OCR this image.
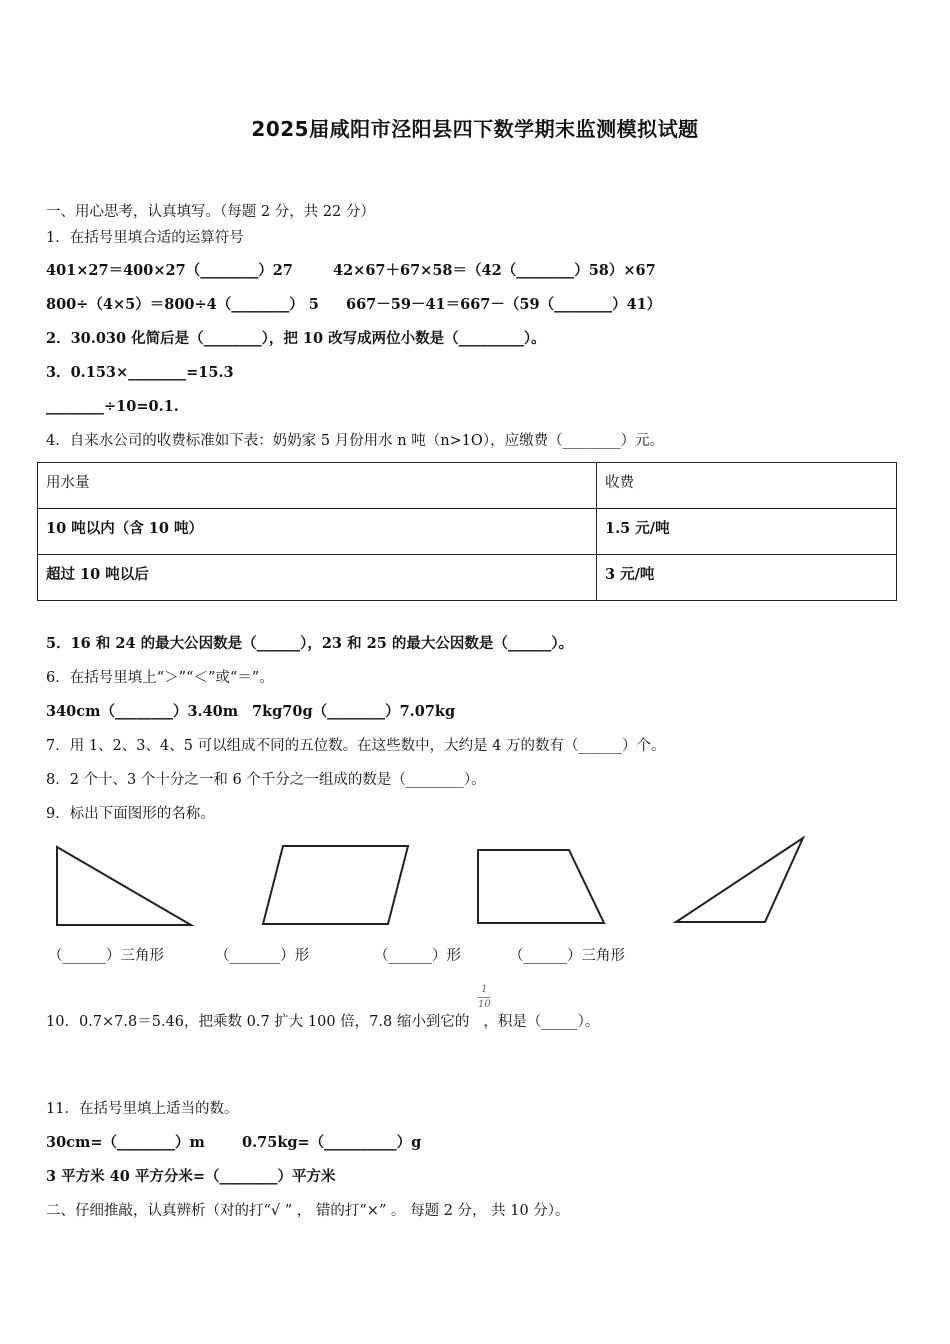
2025届咸阳市泾阳县四下数学期末监测模拟试题
一、用心思考，认真填写。（每题 2 分，共 22 分）
1．在括号里填合适的运算符号
401×27＝400×27（________）27	42×67＋67×58＝（42（________）58）×67
800÷（4×5）＝800÷4（________） 5 667－59－41＝667－（59（________）41）
2．30.030 化简后是（________），把 10 改写成两位小数是（_________）。
3．0.153×________=15.3
________÷10=0.1.
4．自来水公司的收费标准如下表：奶奶家 5 月份用水 n 吨（n>1O），应缴费（________）元。
用水量	收费
10 吨以内（含 10 吨）	1.5 元/吨
超过 10 吨以后	3 元/吨
5．16 和 24 的最大公因数是（______），23 和 25 的最大公因数是（______）。
6．在括号里填上“＞”“＜”或“＝”。
340cm（________）3.40m 7kg70g（________）7.07kg
7．用 1、2、3、4、5 可以组成不同的五位数。在这些数中，大约是 4 万的数有（______）个。
8．2 个十、3 个十分之一和 6 个千分之一组成的数是（________）。
9．标出下面图形的名称。
（______）三角形	（_______）形	（______）形	（______）三角形
10．0.7×7.8＝5.46，把乘数 0.7 扩大 100 倍，7.8 缩小到它的 ，积是（_____）。
1
10
11．在括号里填上适当的数。
30cm=（________）m	0.75kg=（__________）g
3 平方米 40 平方分米=（________）平方米
二、仔细推敲，认真辨析（对的打“√ ” ， 错的打“×” 。 每题 2 分， 共 10 分）。
